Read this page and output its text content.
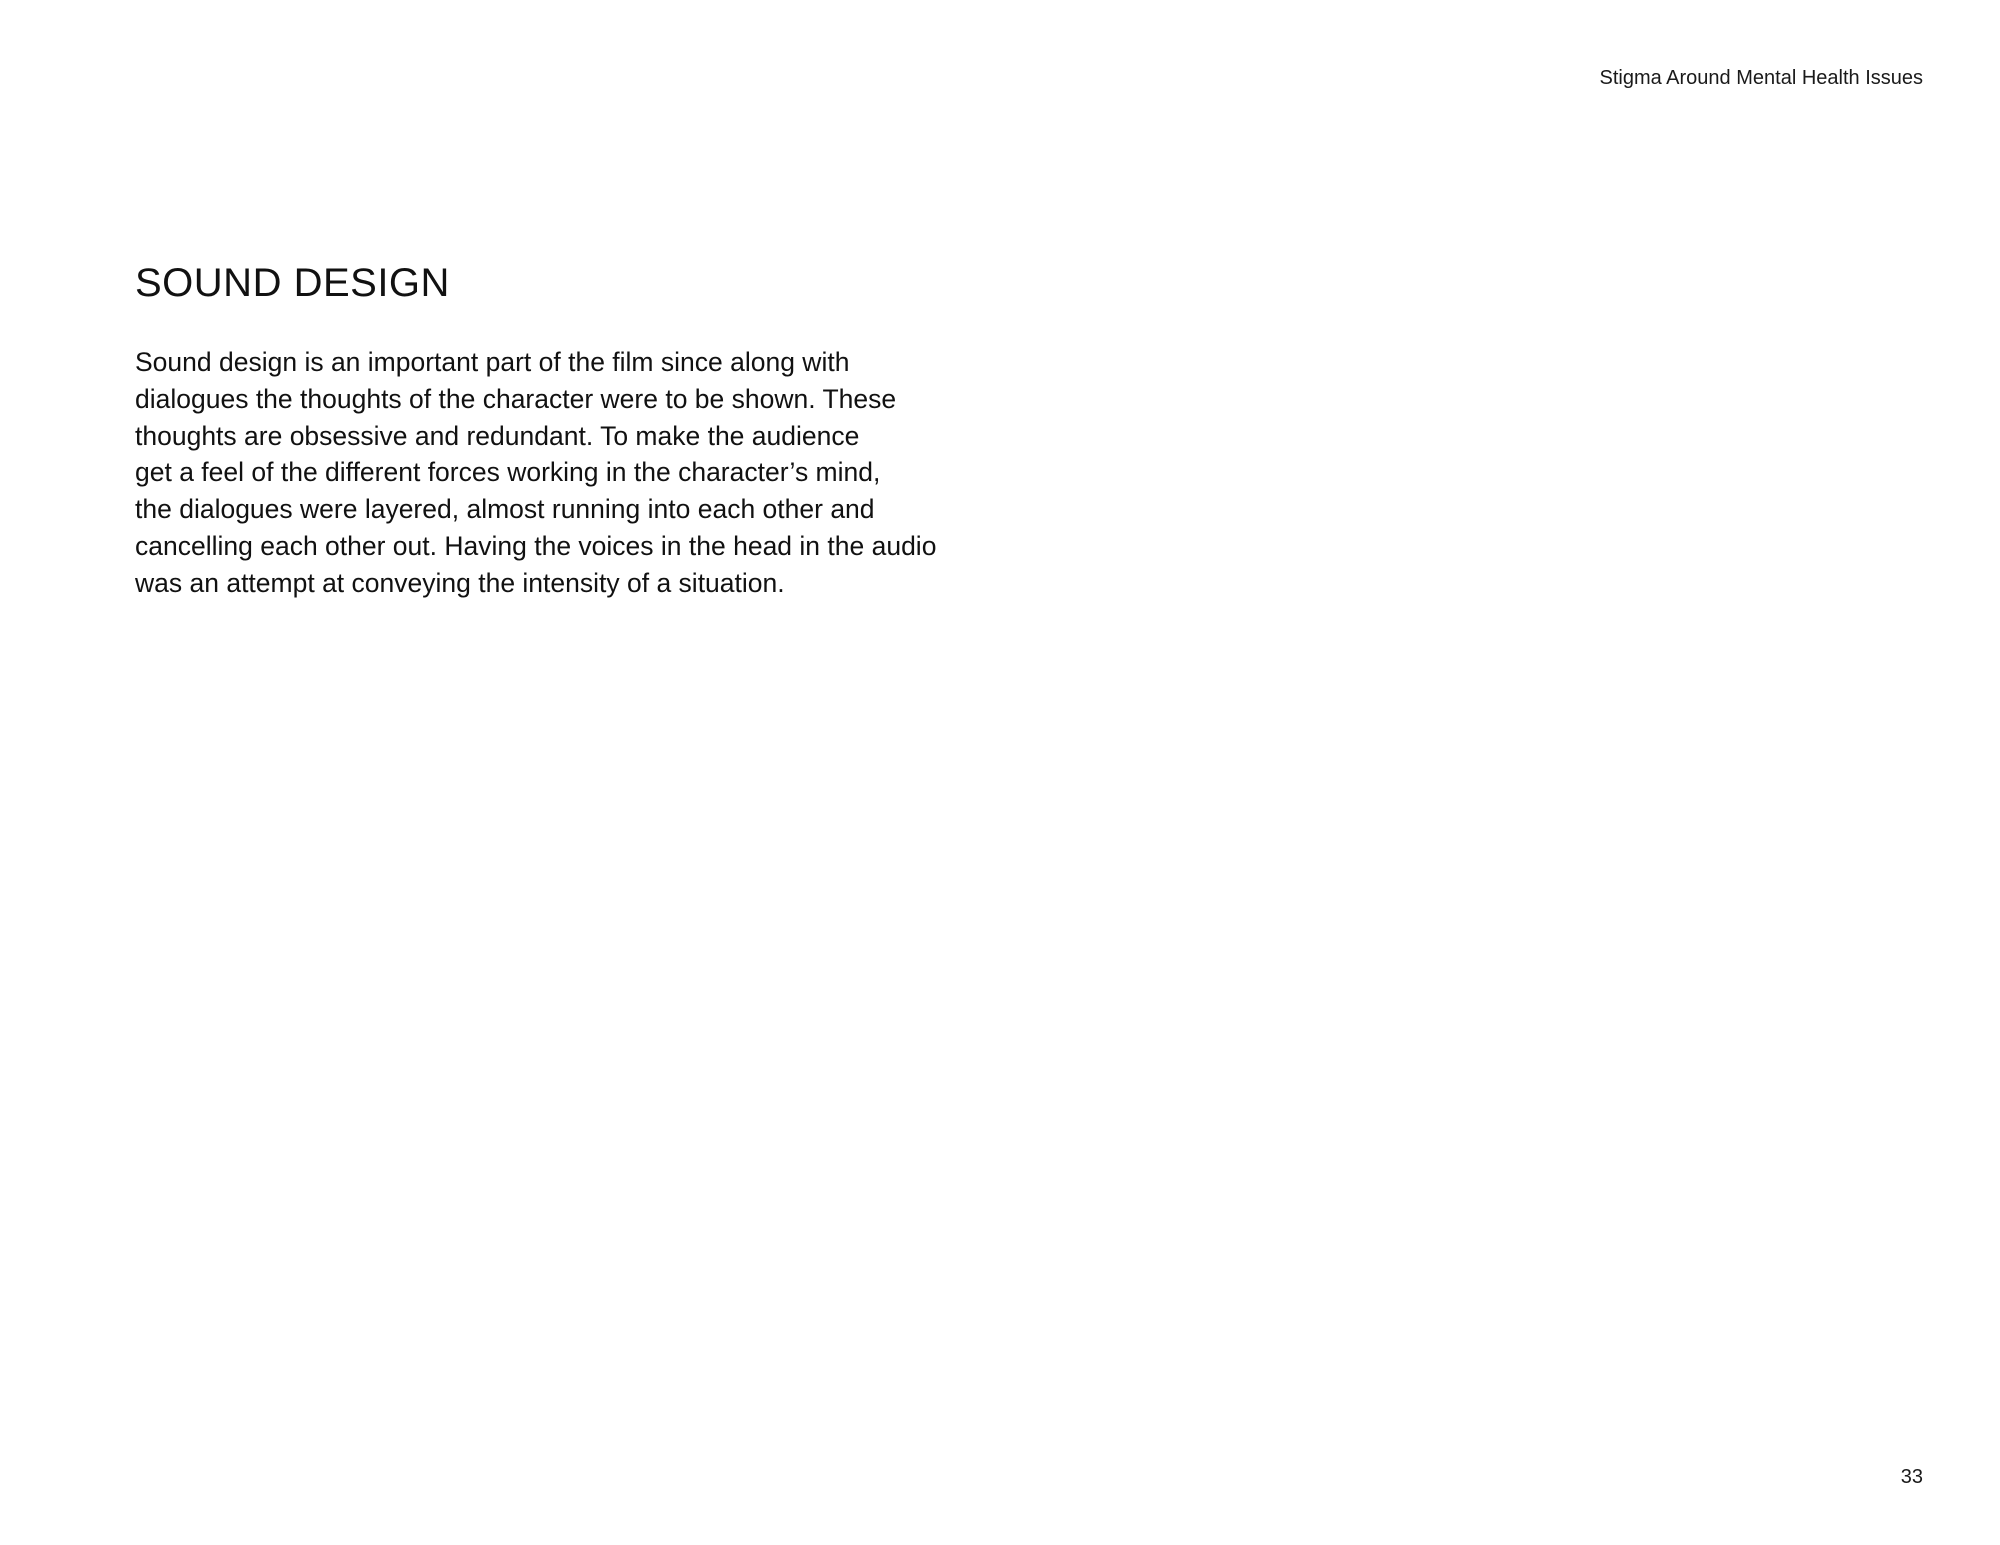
Stigma Around Mental Health Issues
SOUND DESIGN

Sound design is an important part of the film since along with
dialogues the thoughts of the character were to be shown. These
thoughts are obsessive and redundant. To make the audience
get a feel of the different forces working in the character’s mind,
the dialogues were layered, almost running into each other and
cancelling each other out. Having the voices in the head in the audio
was an attempt at conveying the intensity of a situation.

33
